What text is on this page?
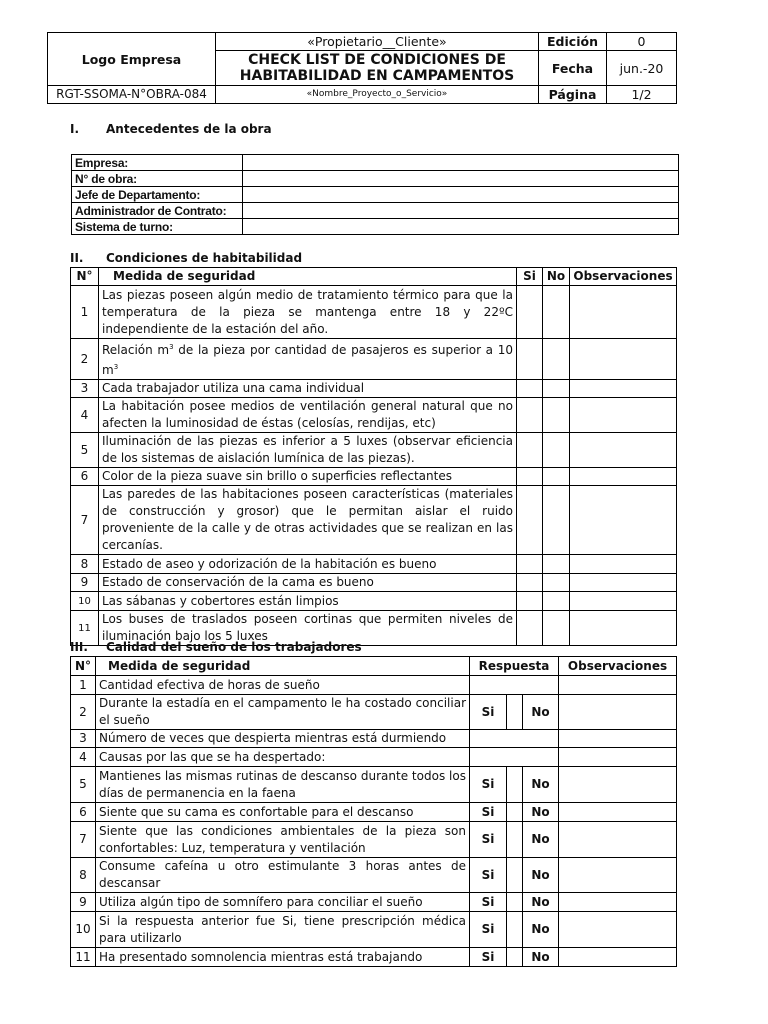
Logo Empresa	«Propietario__Cliente»	Edición	0
	CHECK LIST DE CONDICIONES DE
HABITABILIDAD EN CAMPAMENTOS	Fecha	jun.-20
RGT-SSOMA-N°OBRA-084	«Nombre_Proyecto_o_Servicio»	Página	1/2
I. Antecedentes de la obra
Empresa:	
N° de obra:	
Jefe de Departamento:	
Administrador de Contrato:	
Sistema de turno:	
II. Condiciones de habitabilidad
N°	Medida de seguridad	Si	No	Observaciones
1	Las piezas poseen algún medio de tratamiento térmico para que la temperatura de la pieza se mantenga entre 18 y 22ºC independiente de la estación del año.			
2	Relación $m^3$ de la pieza por cantidad de pasajeros es superior a 10 $m^3$			
3	Cada trabajador utiliza una cama individual			
4	La habitación posee medios de ventilación general natural que no afecten la luminosidad de éstas (celosías, rendijas, etc)			
5	Iluminación de las piezas es inferior a 5 luxes (observar eficiencia de los sistemas de aislación lumínica de las piezas).			
6	Color de la pieza suave sin brillo o superficies reflectantes			
7	Las paredes de las habitaciones poseen características (materiales de construcción y grosor) que le permitan aislar el ruido proveniente de la calle y de otras actividades que se realizan en las cercanías.			
8	Estado de aseo y odorización de la habitación es bueno			
9	Estado de conservación de la cama es bueno			
10	Las sábanas y cobertores están limpios			
11	Los buses de traslados poseen cortinas que permiten niveles de iluminación bajo los 5 luxes			
III. Calidad del sueño de los trabajadores
N°	Medida de seguridad	Respuesta			Observaciones
1	Cantidad efectiva de horas de sueño				
2	Durante la estadía en el campamento le ha costado conciliar el sueño	Si		No	
3	Número de veces que despierta mientras está durmiendo				
4	Causas por las que se ha despertado:				
5	Mantienes las mismas rutinas de descanso durante todos los días de permanencia en la faena	Si		No	
6	Siente que su cama es confortable para el descanso	Si		No	
7	Siente que las condiciones ambientales de la pieza son confortables: Luz, temperatura y ventilación	Si		No	
8	Consume cafeína u otro estimulante 3 horas antes de descansar	Si		No	
9	Utiliza algún tipo de somnífero para conciliar el sueño	Si		No	
10	Si la respuesta anterior fue Si, tiene prescripción médica para utilizarlo	Si		No	
11	Ha presentado somnolencia mientras está trabajando	Si		No	
